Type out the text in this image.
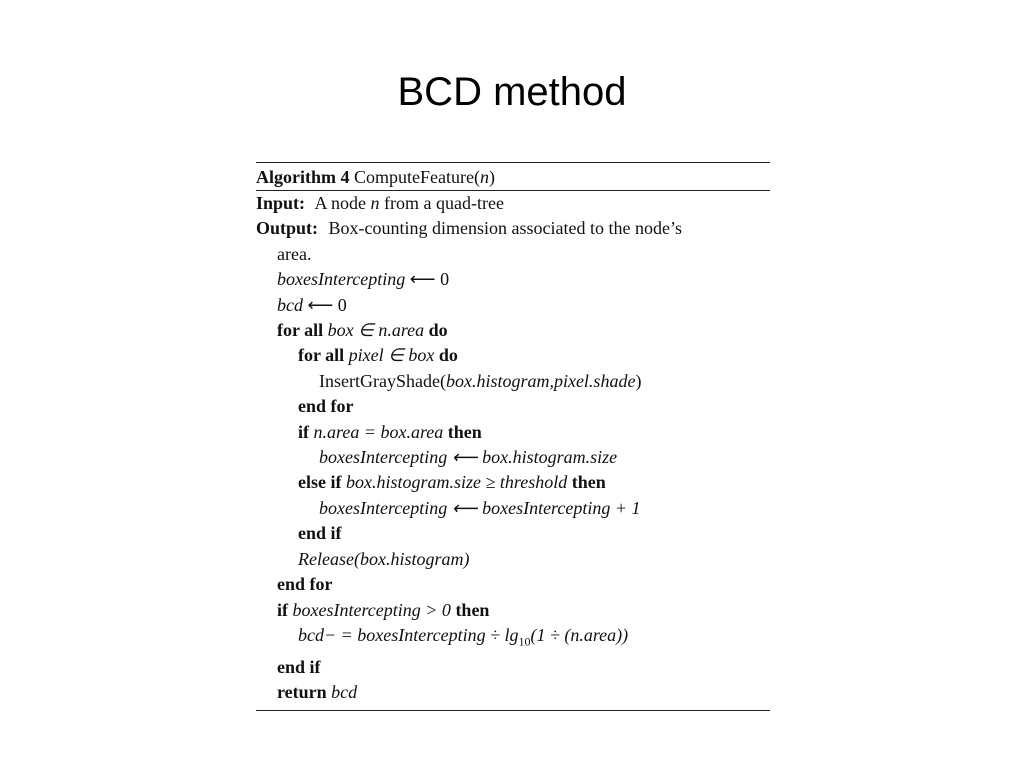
BCD method
Algorithm 4 ComputeFeature(n)
Input: A node n from a quad-tree
Output: Box-counting dimension associated to the node’s
area.
boxesIntercepting ⟵ 0
bcd ⟵ 0
for all box ∈ n.area do
for all pixel ∈ box do
InsertGrayShade(box.histogram,pixel.shade)
end for
if n.area = box.area then
boxesIntercepting ⟵ box.histogram.size
else if box.histogram.size ≥ threshold then
boxesIntercepting ⟵ boxesIntercepting + 1
end if
Release(box.histogram)
end for
if boxesIntercepting > 0 then
bcd− = boxesIntercepting ÷ $\lg_{10}(1$ ÷ (n.area))
end if
return bcd
